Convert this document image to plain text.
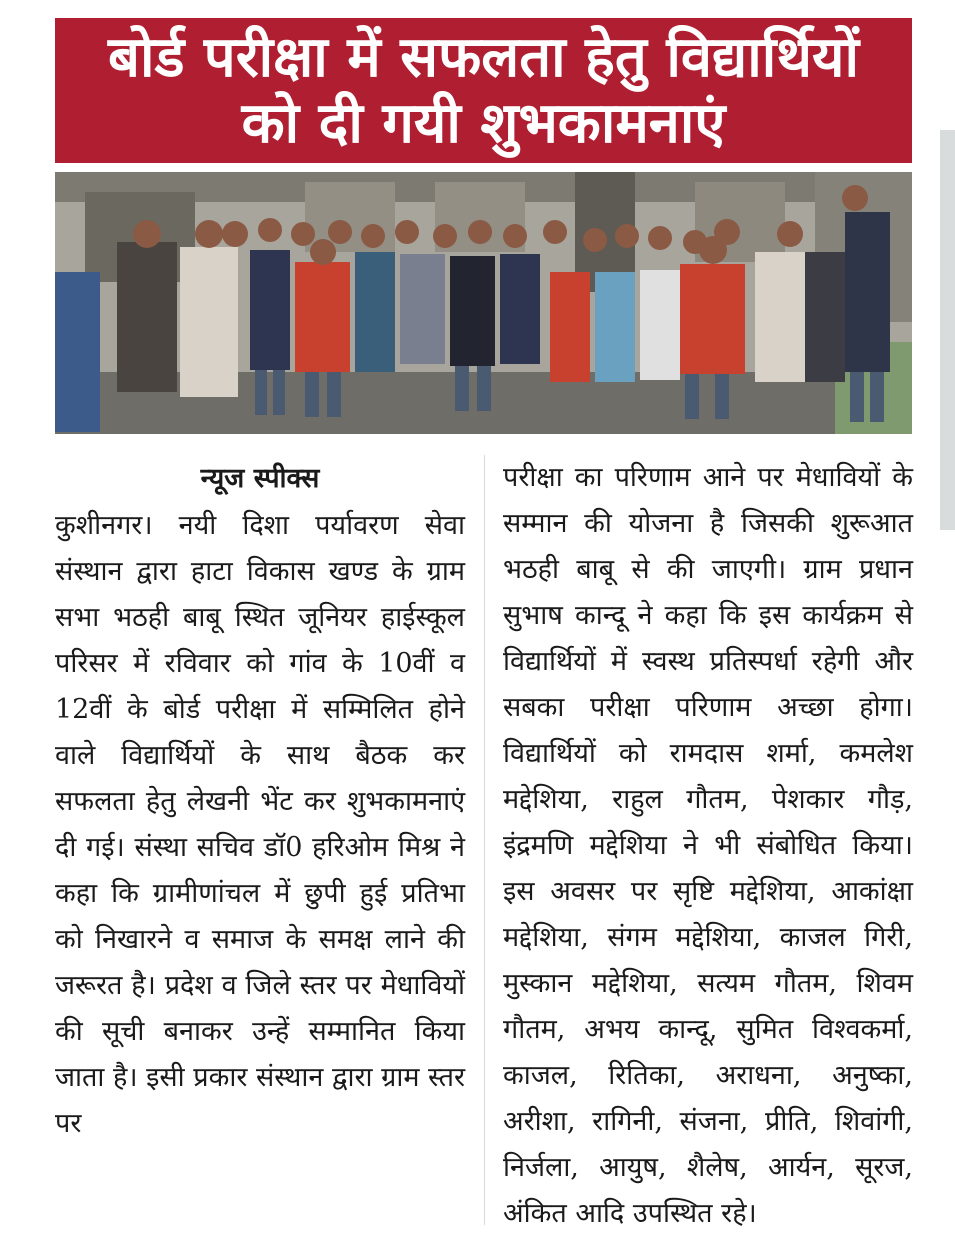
बोर्ड परीक्षा में सफलता हेतु विद्यार्थियों
को दी गयी शुभकामनाएं
न्यूज स्पीक्स

कुशीनगर। नयी दिशा पर्यावरण सेवा संस्थान द्वारा हाटा विकास खण्ड के ग्राम सभा भठही बाबू स्थित जूनियर हाईस्कूल परिसर में रविवार को गांव के 10वीं व 12वीं के बोर्ड परीक्षा में सम्मिलित होने वाले विद्यार्थियों के साथ बैठक कर सफलता हेतु लेखनी भेंट कर शुभकामनाएं दी गई। संस्था सचिव डॉ0 हरिओम मिश्र ने कहा कि ग्रामीणांचल में छुपी हुई प्रतिभा को निखारने व समाज के समक्ष लाने की जरूरत है। प्रदेश व जिले स्तर पर मेधावियों की सूची बनाकर उन्हें सम्मानित किया जाता है। इसी प्रकार संस्थान द्वारा ग्राम स्तर पर

परीक्षा का परिणाम आने पर मेधावियों के सम्मान की योजना है जिसकी शुरूआत भठही बाबू से की जाएगी। ग्राम प्रधान सुभाष कान्दू ने कहा कि इस कार्यक्रम से विद्यार्थियों में स्वस्थ प्रतिस्पर्धा रहेगी और सबका परीक्षा परिणाम अच्छा होगा। विद्यार्थियों को रामदास शर्मा, कमलेश मद्देशिया, राहुल गौतम, पेशकार गौड़, इंद्रमणि मद्देशिया ने भी संबोधित किया। इस अवसर पर सृष्टि मद्देशिया, आकांक्षा मद्देशिया, संगम मद्देशिया, काजल गिरी, मुस्कान मद्देशिया, सत्यम गौतम, शिवम गौतम, अभय कान्दू, सुमित विश्वकर्मा, काजल, रितिका, अराधना, अनुष्का, अरीशा, रागिनी, संजना, प्रीति, शिवांगी, निर्जला, आयुष, शैलेष, आर्यन, सूरज, अंकित आदि उपस्थित रहे।
